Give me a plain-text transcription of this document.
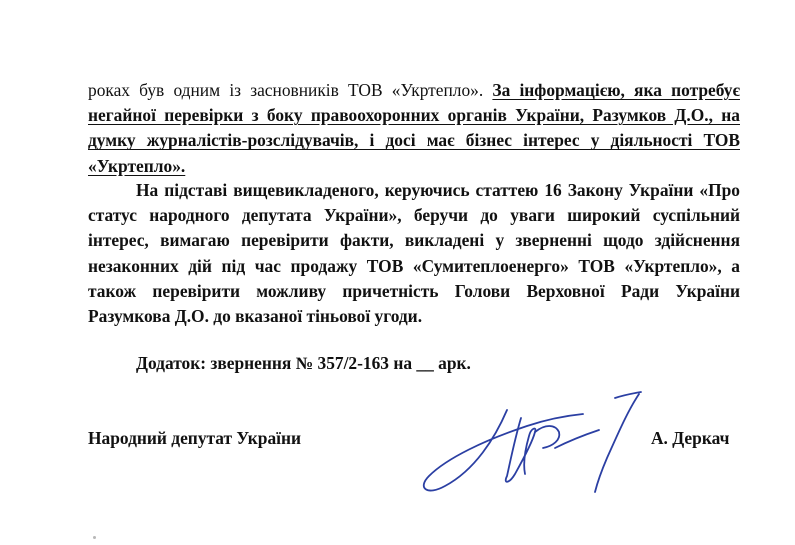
роках був одним із засновників ТОВ «Укртепло». За інформацією, яка потребує негайної перевірки з боку правоохоронних органів України, Разумков Д.О., на думку журналістів-розслідувачів, і досі має бізнес інтерес у діяльності ТОВ «Укртепло».

На підставі вищевикладеного, керуючись статтею 16 Закону України «Про статус народного депутата України», беручи до уваги широкий суспільний інтерес, вимагаю перевірити факти, викладені у зверненні щодо здійснення незаконних дій під час продажу ТОВ «Сумитеплоенерго» ТОВ «Укртепло», а також перевірити можливу причетність Голови Верховної Ради України Разумкова Д.О. до вказаної тіньової угоди.

Додаток: звернення № 357/2-163 на __ арк.

Народний депутат України	А. Деркач
